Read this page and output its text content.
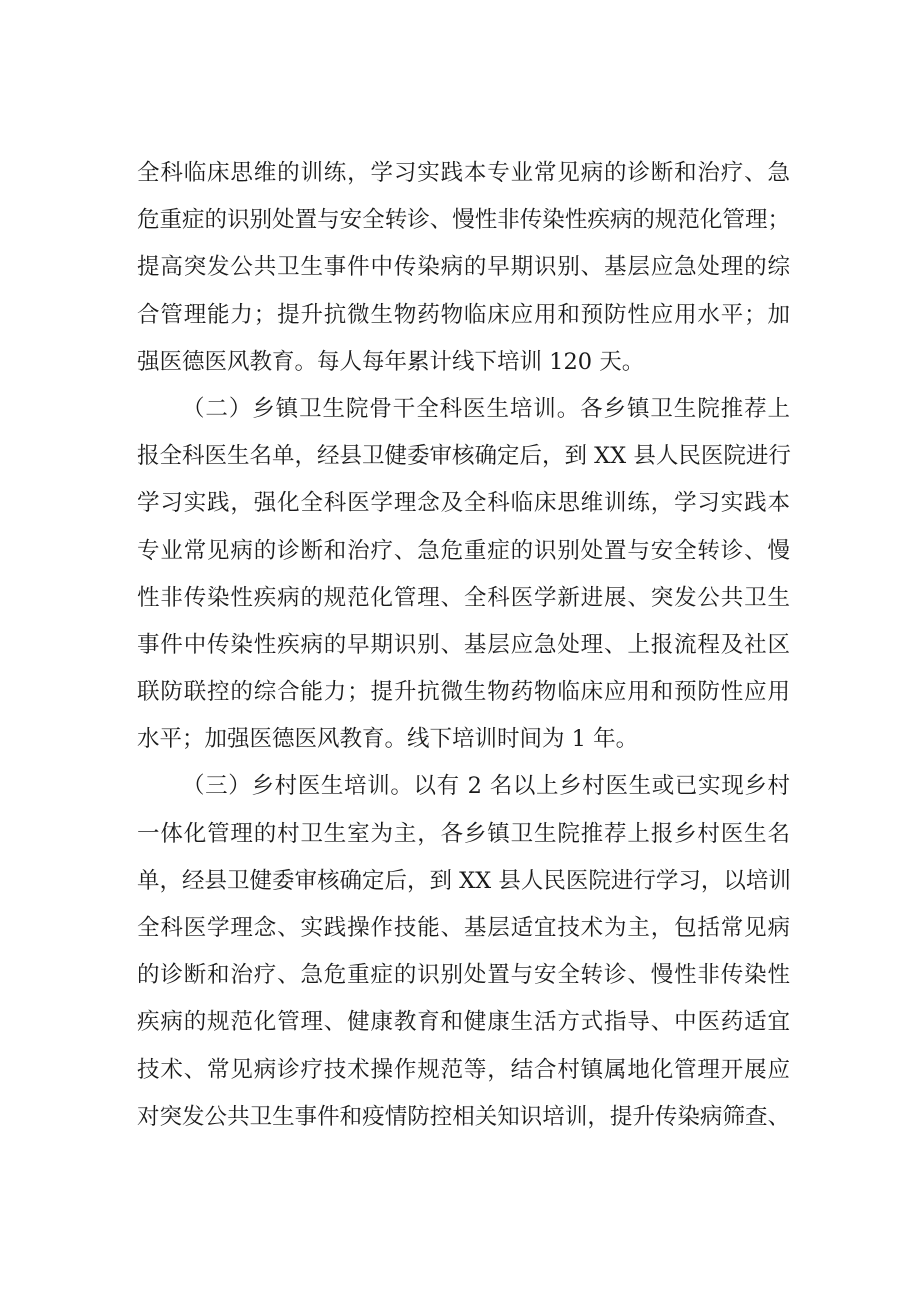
全科临床思维的训练，学习实践本专业常见病的诊断和治疗、急
危重症的识别处置与安全转诊、慢性非传染性疾病的规范化管理；
提高突发公共卫生事件中传染病的早期识别、基层应急处理的综
合管理能力；提升抗微生物药物临床应用和预防性应用水平；加
强医德医风教育。每人每年累计线下培训 120 天。
（二）乡镇卫生院骨干全科医生培训。各乡镇卫生院推荐上
报全科医生名单，经县卫健委审核确定后，到 XX 县人民医院进行
学习实践，强化全科医学理念及全科临床思维训练，学习实践本
专业常见病的诊断和治疗、急危重症的识别处置与安全转诊、慢
性非传染性疾病的规范化管理、全科医学新进展、突发公共卫生
事件中传染性疾病的早期识别、基层应急处理、上报流程及社区
联防联控的综合能力；提升抗微生物药物临床应用和预防性应用
水平；加强医德医风教育。线下培训时间为 1 年。
（三）乡村医生培训。以有 2 名以上乡村医生或已实现乡村
一体化管理的村卫生室为主，各乡镇卫生院推荐上报乡村医生名
单，经县卫健委审核确定后，到 XX 县人民医院进行学习，以培训
全科医学理念、实践操作技能、基层适宜技术为主，包括常见病
的诊断和治疗、急危重症的识别处置与安全转诊、慢性非传染性
疾病的规范化管理、健康教育和健康生活方式指导、中医药适宜
技术、常见病诊疗技术操作规范等，结合村镇属地化管理开展应
对突发公共卫生事件和疫情防控相关知识培训，提升传染病筛查、
